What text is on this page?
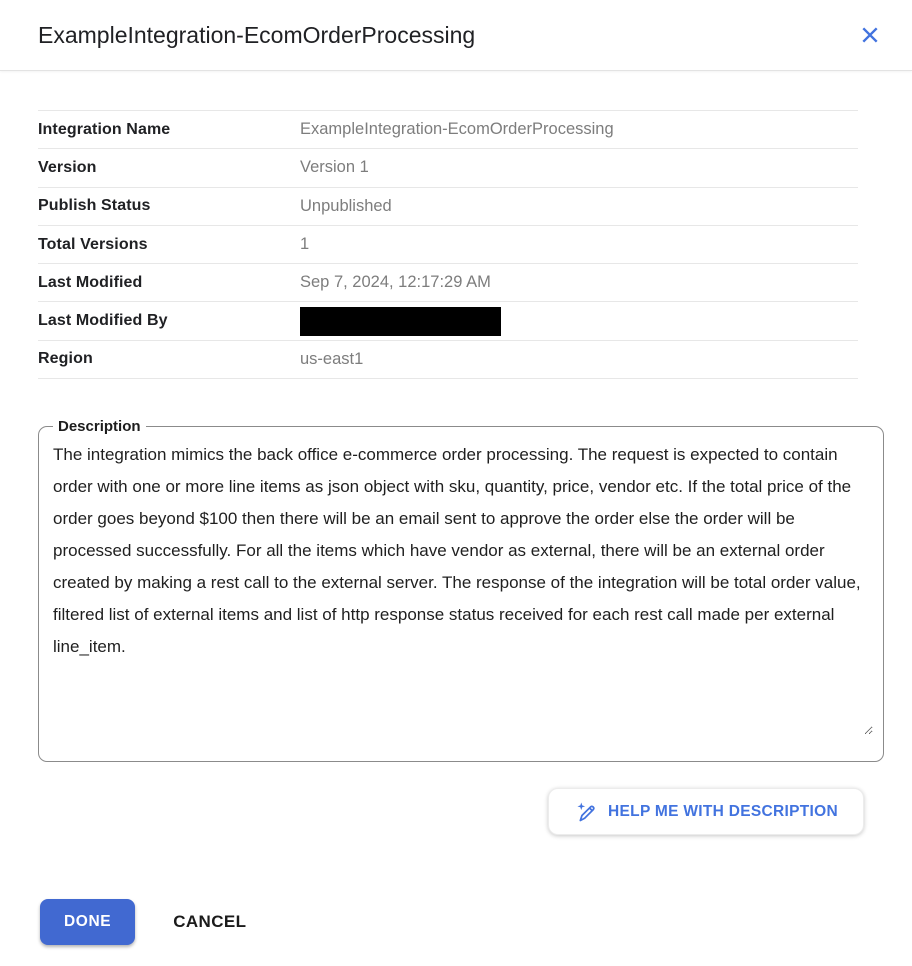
ExampleIntegration-EcomOrderProcessing
Integration Name	ExampleIntegration-EcomOrderProcessing
Version	Version 1
Publish Status	Unpublished
Total Versions	1
Last Modified	Sep 7, 2024, 12:17:29 AM
Last Modified By
Region	us-east1
Description
The integration mimics the back office e-commerce order processing. The request is expected to contain order with one or more line items as json object with sku, quantity, price, vendor etc. If the total price of the order goes beyond $100 then there will be an email sent to approve the order else the order will be processed successfully. For all the items which have vendor as external, there will be an external order created by making a rest call to the external server. The response of the integration will be total order value, filtered list of external items and list of http response status received for each rest call made per external line_item.
HELP ME WITH DESCRIPTION
DONE	CANCEL
